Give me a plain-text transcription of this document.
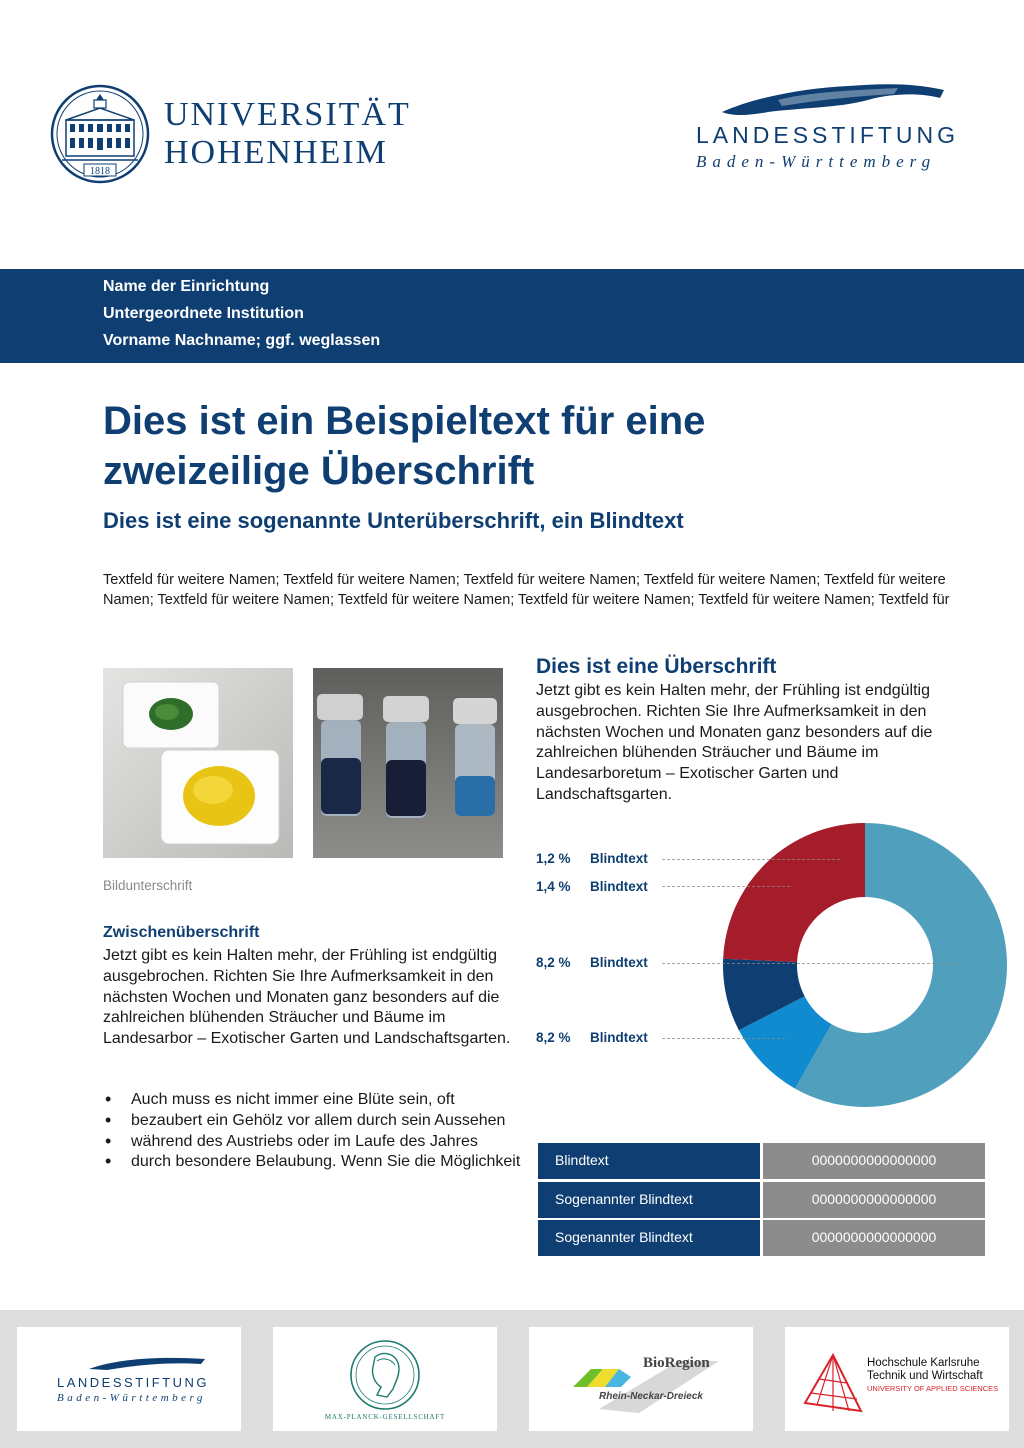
1818
UNIVERSITÄT
HOHENHEIM	LANDESSTIFTUNG
Baden-Württemberg
Name der Einrichtung
Untergeordnete Institution
Vorname Nachname; ggf. weglassen
Dies ist ein Beispieltext für eine
zweizeilige Überschrift
Dies ist eine sogenannte Unterüberschrift, ein Blindtext
Textfeld für weitere Namen; Textfeld für weitere Namen; Textfeld für weitere Namen; Textfeld für weitere Namen; Textfeld für weitere Namen; Textfeld für weitere Namen; Textfeld für weitere Namen; Textfeld für weitere Namen; Textfeld für weitere Namen; Textfeld für
Bildunterschrift
Zwischenüberschrift
Jetzt gibt es kein Halten mehr, der Frühling ist endgültig ausgebrochen. Richten Sie Ihre Aufmerksamkeit in den nächsten Wochen und Monaten ganz besonders auf die zahlreichen blühenden Sträucher und Bäume im Landesarbor – Exotischer Garten und Landschaftsgarten.
• Auch muss es nicht immer eine Blüte sein, oft
• bezaubert ein Gehölz vor allem durch sein Aussehen
• während des Austriebs oder im Laufe des Jahres
• durch besondere Belaubung. Wenn Sie die Möglichkeit
Dies ist eine Überschrift
Jetzt gibt es kein Halten mehr, der Frühling ist endgültig ausgebrochen. Richten Sie Ihre Aufmerksamkeit in den nächsten Wochen und Monaten ganz besonders auf die zahlreichen blühenden Sträucher und Bäume im Landesarboretum – Exotischer Garten und Landschaftsgarten.
1,2 % Blindtext
1,4 % Blindtext
8,2 % Blindtext
8,2 % Blindtext
Blindtext	0000000000000000
Sogenannter Blindtext	0000000000000000
Sogenannter Blindtext	0000000000000000
LANDESSTIFTUNG
Baden-Württemberg
MAX-PLANCK-GESELLSCHAFT
BioRegion
Rhein-Neckar-Dreieck
Hochschule Karlsruhe
Technik und Wirtschaft
UNIVERSITY OF APPLIED SCIENCES
